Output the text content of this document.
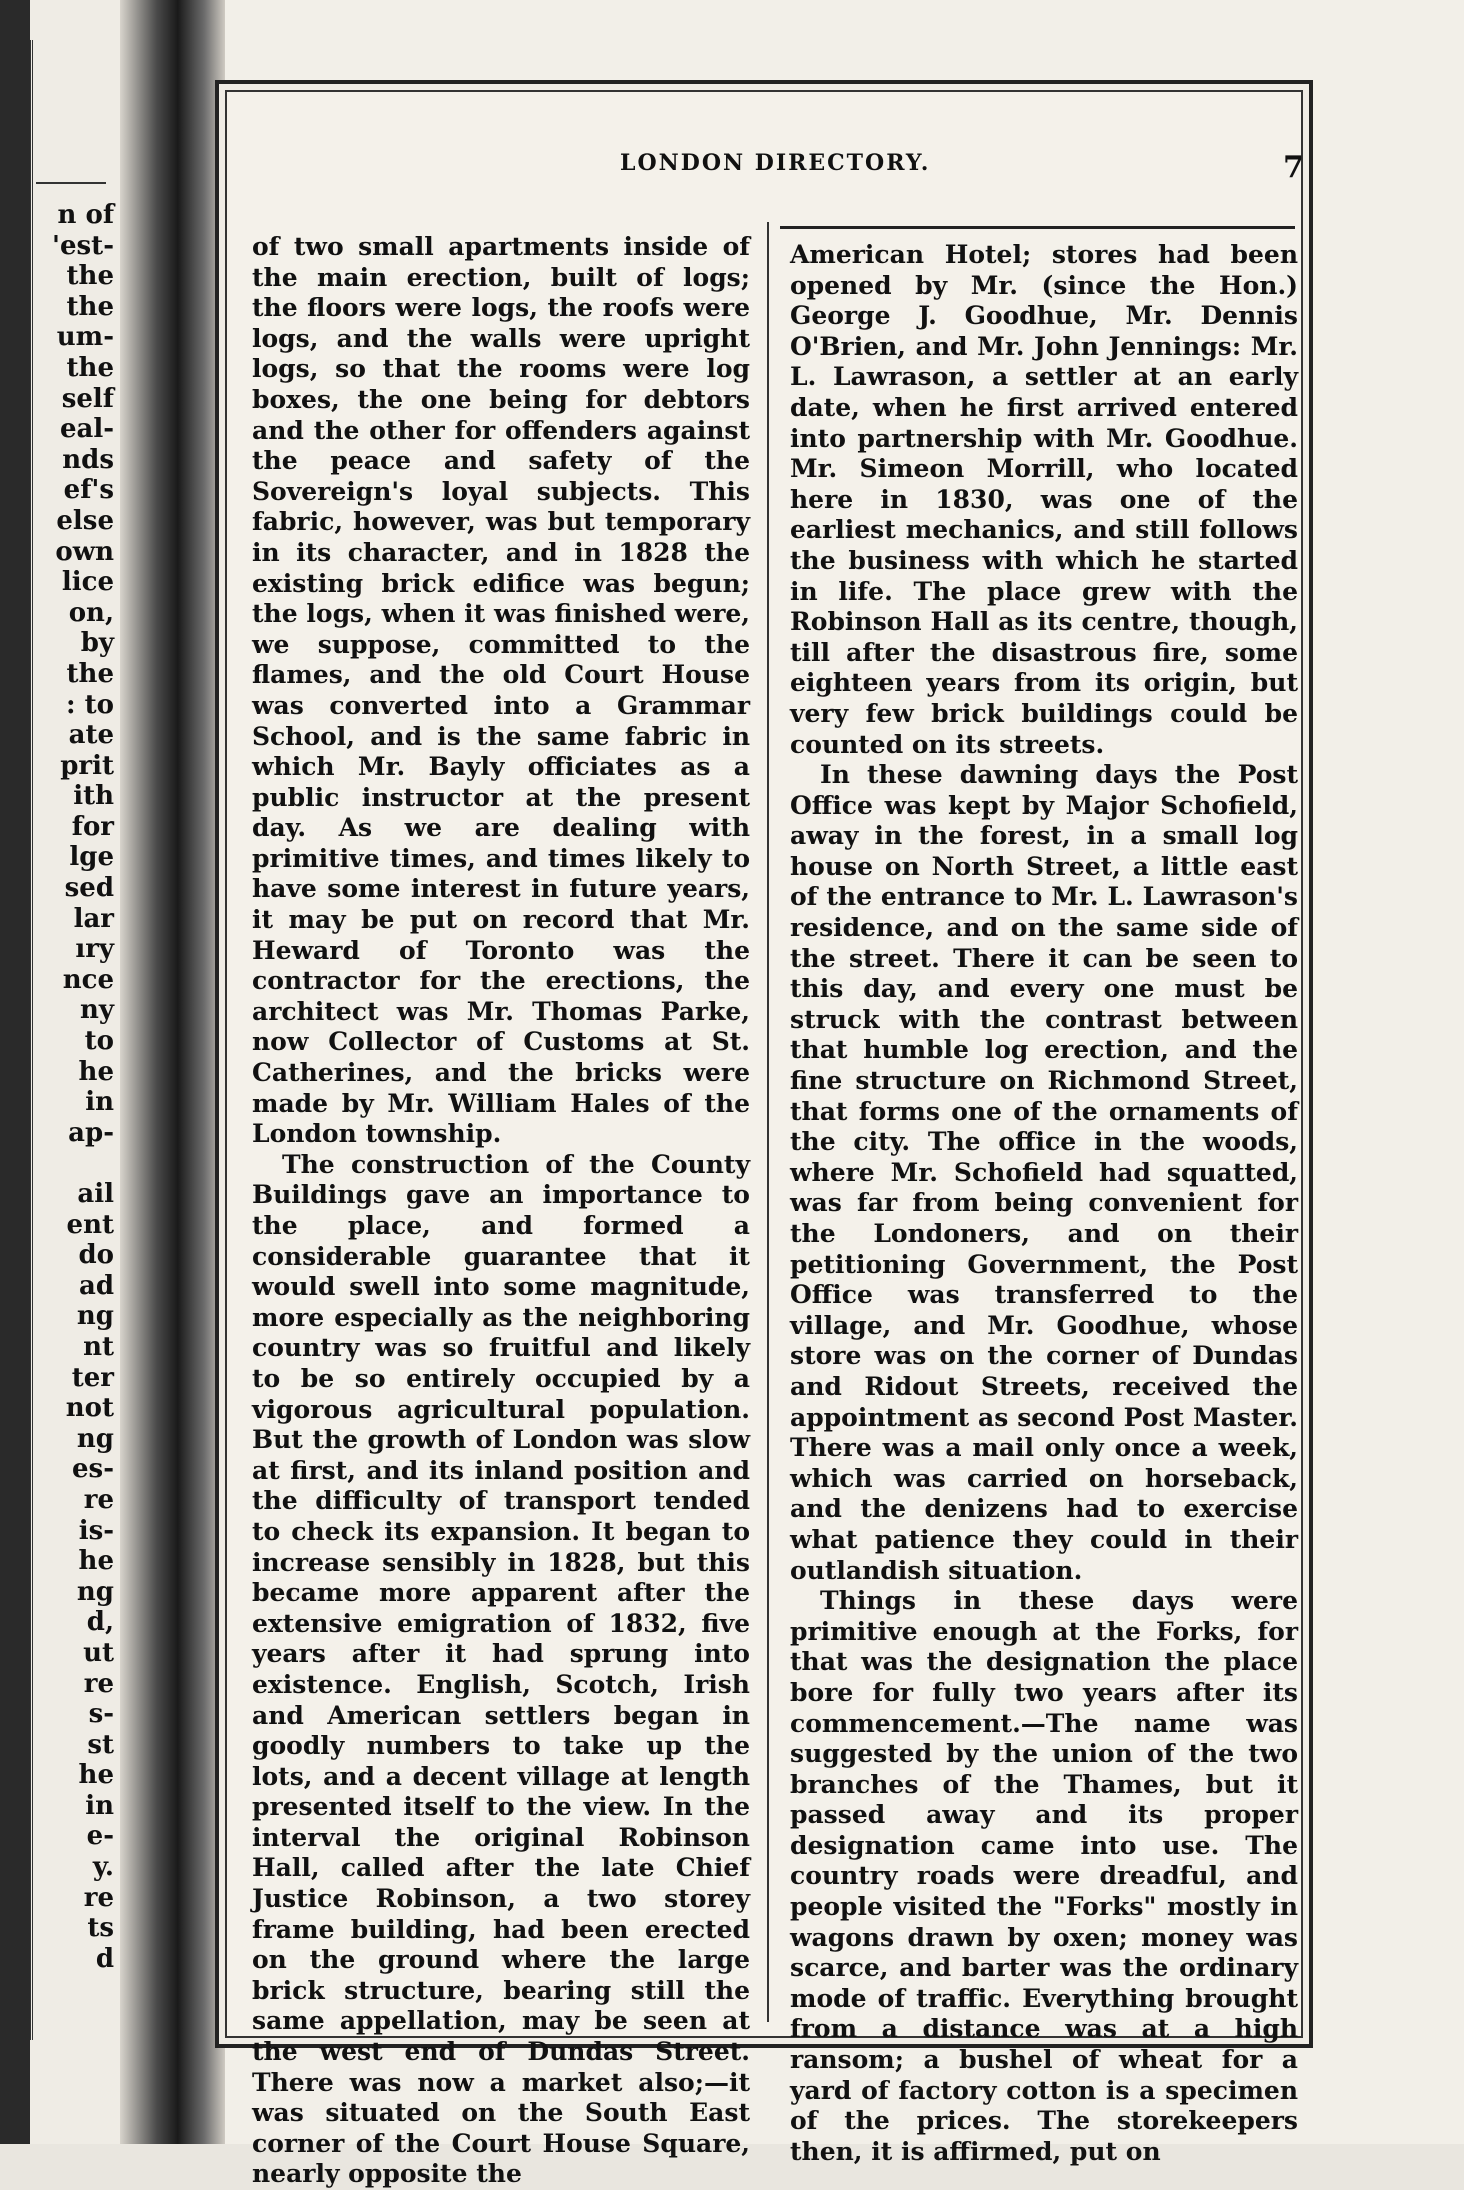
n of
'est-
the
the
um-
the
self
eal-
nds
ef's
else
own
lice
on,
by
the
: to
ate
prit
ith
for
lge
sed
lar
ıry
nce
ny
to
he
in
ap-

ail
ent
do
ad
ng
nt
ter
not
ng
es-
re
is-
he
ng
d,
ut
re
s-
st
he
in
e-
y.
re
ts
d
LONDON DIRECTORY.	7

of two small apartments inside of the main erection, built of logs; the floors were logs, the roofs were logs, and the walls were upright logs, so that the rooms were log boxes, the one being for debtors and the other for offenders against the peace and safety of the Sovereign's loyal subjects. This fabric, however, was but temporary in its character, and in 1828 the existing brick edifice was begun; the logs, when it was finished were, we suppose, committed to the flames, and the old Court House was converted into a Grammar School, and is the same fabric in which Mr. Bayly officiates as a public instructor at the present day. As we are dealing with primitive times, and times likely to have some interest in future years, it may be put on record that Mr. Heward of Toronto was the contractor for the erections, the architect was Mr. Thomas Parke, now Collector of Customs at St. Catherines, and the bricks were made by Mr. William Hales of the London township.

The construction of the County Buildings gave an importance to the place, and formed a considerable guarantee that it would swell into some magnitude, more especially as the neighboring country was so fruitful and likely to be so entirely occupied by a vigorous agricultural population. But the growth of London was slow at first, and its inland position and the difficulty of transport tended to check its expansion. It began to increase sensibly in 1828, but this became more apparent after the extensive emigration of 1832, five years after it had sprung into existence. English, Scotch, Irish and American settlers began in goodly numbers to take up the lots, and a decent village at length presented itself to the view. In the interval the original Robinson Hall, called after the late Chief Justice Robinson, a two storey frame building, had been erected on the ground where the large brick structure, bearing still the same appellation, may be seen at the west end of Dundas Street. There was now a market also;—it was situated on the South East corner of the Court House Square, nearly opposite the

American Hotel; stores had been opened by Mr. (since the Hon.) George J. Goodhue, Mr. Dennis O'Brien, and Mr. John Jennings: Mr. L. Lawrason, a settler at an early date, when he first arrived entered into partnership with Mr. Goodhue. Mr. Simeon Morrill, who located here in 1830, was one of the earliest mechanics, and still follows the business with which he started in life. The place grew with the Robinson Hall as its centre, though, till after the disastrous fire, some eighteen years from its origin, but very few brick buildings could be counted on its streets.

In these dawning days the Post Office was kept by Major Schofield, away in the forest, in a small log house on North Street, a little east of the entrance to Mr. L. Lawrason's residence, and on the same side of the street. There it can be seen to this day, and every one must be struck with the contrast between that humble log erection, and the fine structure on Richmond Street, that forms one of the ornaments of the city. The office in the woods, where Mr. Schofield had squatted, was far from being convenient for the Londoners, and on their petitioning Government, the Post Office was transferred to the village, and Mr. Goodhue, whose store was on the corner of Dundas and Ridout Streets, received the appointment as second Post Master. There was a mail only once a week, which was carried on horseback, and the denizens had to exercise what patience they could in their outlandish situation.

Things in these days were primitive enough at the Forks, for that was the designation the place bore for fully two years after its commencement.—The name was suggested by the union of the two branches of the Thames, but it passed away and its proper designation came into use. The country roads were dreadful, and people visited the "Forks" mostly in wagons drawn by oxen; money was scarce, and barter was the ordinary mode of traffic. Everything brought from a distance was at a high ransom; a bushel of wheat for a yard of factory cotton is a specimen of the prices. The storekeepers then, it is affirmed, put on
